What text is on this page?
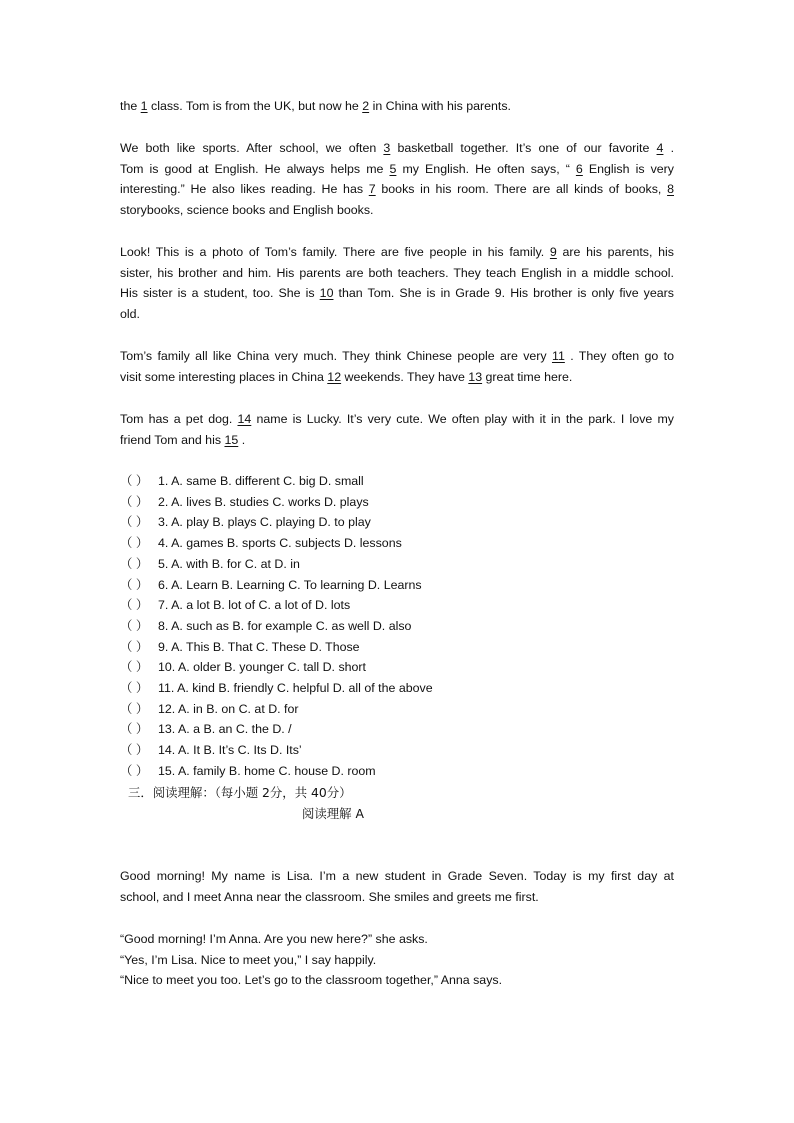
the 1 class. Tom is from the UK, but now he 2 in China with his parents.
We both like sports. After school, we often 3 basketball together. It’s one of our favorite 4 .
Tom is good at English. He always helps me 5 my English. He often says, “ 6 English is very
interesting.” He also likes reading. He has 7 books in his room. There are all kinds of books, 8
storybooks, science books and English books.
Look! This is a photo of Tom’s family. There are five people in his family. 9 are his parents, his
sister, his brother and him. His parents are both teachers. They teach English in a middle school.
His sister is a student, too. She is 10 than Tom. She is in Grade 9. His brother is only five years
old.
Tom’s family all like China very much. They think Chinese people are very 11 . They often go to
visit some interesting places in China 12 weekends. They have 13 great time here.
Tom has a pet dog. 14 name is Lucky. It’s very cute. We often play with it in the park. I love my
friend Tom and his 15 .
（ ） 1. A. same B. different C. big D. small
（ ） 2. A. lives B. studies C. works D. plays
（ ） 3. A. play B. plays C. playing D. to play
（ ） 4. A. games B. sports C. subjects D. lessons
（ ） 5. A. with B. for C. at D. in
（ ） 6. A. Learn B. Learning C. To learning D. Learns
（ ） 7. A. a lot B. lot of C. a lot of D. lots
（ ） 8. A. such as B. for example C. as well D. also
（ ） 9. A. This B. That C. These D. Those
（ ） 10. A. older B. younger C. tall D. short
（ ） 11. A. kind B. friendly C. helpful D. all of the above
（ ） 12. A. in B. on C. at D. for
（ ） 13. A. a B. an C. the D. /
（ ） 14. A. It B. It’s C. Its D. Its’
（ ） 15. A. family B. home C. house D. room
三．阅读理解：（每小题 2分，共 40分）
阅读理解 A
Good morning! My name is Lisa. I’m a new student in Grade Seven. Today is my first day at
school, and I meet Anna near the classroom. She smiles and greets me first.
“Good morning! I’m Anna. Are you new here?” she asks.
“Yes, I’m Lisa. Nice to meet you,” I say happily.
“Nice to meet you too. Let’s go to the classroom together,” Anna says.
